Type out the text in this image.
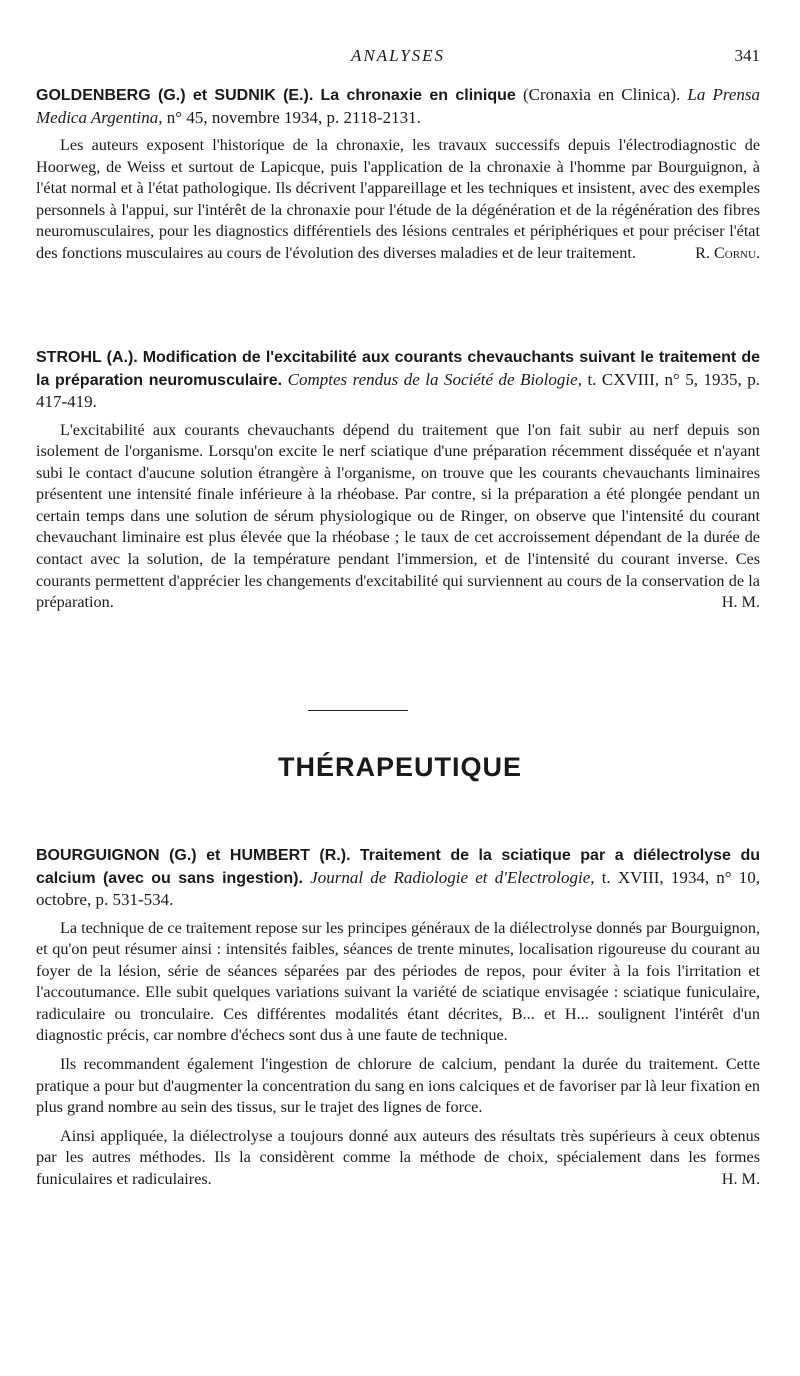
ANALYSES	341

GOLDENBERG (G.) et SUDNIK (E.). La chronaxie en clinique (Cronaxia en Clinica). La Prensa Medica Argentina, n° 45, novembre 1934, p. 2118-2131.

Les auteurs exposent l'historique de la chronaxie, les travaux successifs depuis l'électrodiagnostic de Hoorweg, de Weiss et surtout de Lapicque, puis l'application de la chronaxie à l'homme par Bourguignon, à l'état normal et à l'état pathologique. Ils décrivent l'appareillage et les techniques et insistent, avec des exemples personnels à l'appui, sur l'intérêt de la chronaxie pour l'étude de la dégénération et de la régénération des fibres neuromusculaires, pour les diagnostics différentiels des lésions centrales et périphériques et pour préciser l'état des fonctions musculaires au cours de l'évolution des diverses maladies et de leur traitement.	R. Cornu.

STROHL (A.). Modification de l'excitabilité aux courants chevauchants suivant le traitement de la préparation neuromusculaire. Comptes rendus de la Société de Biologie, t. CXVIII, n° 5, 1935, p. 417-419.

L'excitabilité aux courants chevauchants dépend du traitement que l'on fait subir au nerf depuis son isolement de l'organisme. Lorsqu'on excite le nerf sciatique d'une préparation récemment disséquée et n'ayant subi le contact d'aucune solution étrangère à l'organisme, on trouve que les courants chevauchants liminaires présentent une intensité finale inférieure à la rhéobase. Par contre, si la préparation a été plongée pendant un certain temps dans une solution de sérum physiologique ou de Ringer, on observe que l'intensité du courant chevauchant liminaire est plus élevée que la rhéobase ; le taux de cet accroissement dépendant de la durée de contact avec la solution, de la température pendant l'immersion, et de l'intensité du courant inverse. Ces courants permettent d'apprécier les changements d'excitabilité qui surviennent au cours de la conservation de la préparation.	H. M.

THÉRAPEUTIQUE

BOURGUIGNON (G.) et HUMBERT (R.). Traitement de la sciatique par a diélectrolyse du calcium (avec ou sans ingestion). Journal de Radiologie et d'Electrologie, t. XVIII, 1934, n° 10, octobre, p. 531-534.

La technique de ce traitement repose sur les principes généraux de la diélectrolyse donnés par Bourguignon, et qu'on peut résumer ainsi : intensités faibles, séances de trente minutes, localisation rigoureuse du courant au foyer de la lésion, série de séances séparées par des périodes de repos, pour éviter à la fois l'irritation et l'accoutumance. Elle subit quelques variations suivant la variété de sciatique envisagée : sciatique funiculaire, radiculaire ou tronculaire. Ces différentes modalités étant décrites, B... et H... soulignent l'intérêt d'un diagnostic précis, car nombre d'échecs sont dus à une faute de technique.

Ils recommandent également l'ingestion de chlorure de calcium, pendant la durée du traitement. Cette pratique a pour but d'augmenter la concentration du sang en ions calciques et de favoriser par là leur fixation en plus grand nombre au sein des tissus, sur le trajet des lignes de force.

Ainsi appliquée, la diélectrolyse a toujours donné aux auteurs des résultats très supérieurs à ceux obtenus par les autres méthodes. Ils la considèrent comme la méthode de choix, spécialement dans les formes funiculaires et radiculaires.	H. M.
